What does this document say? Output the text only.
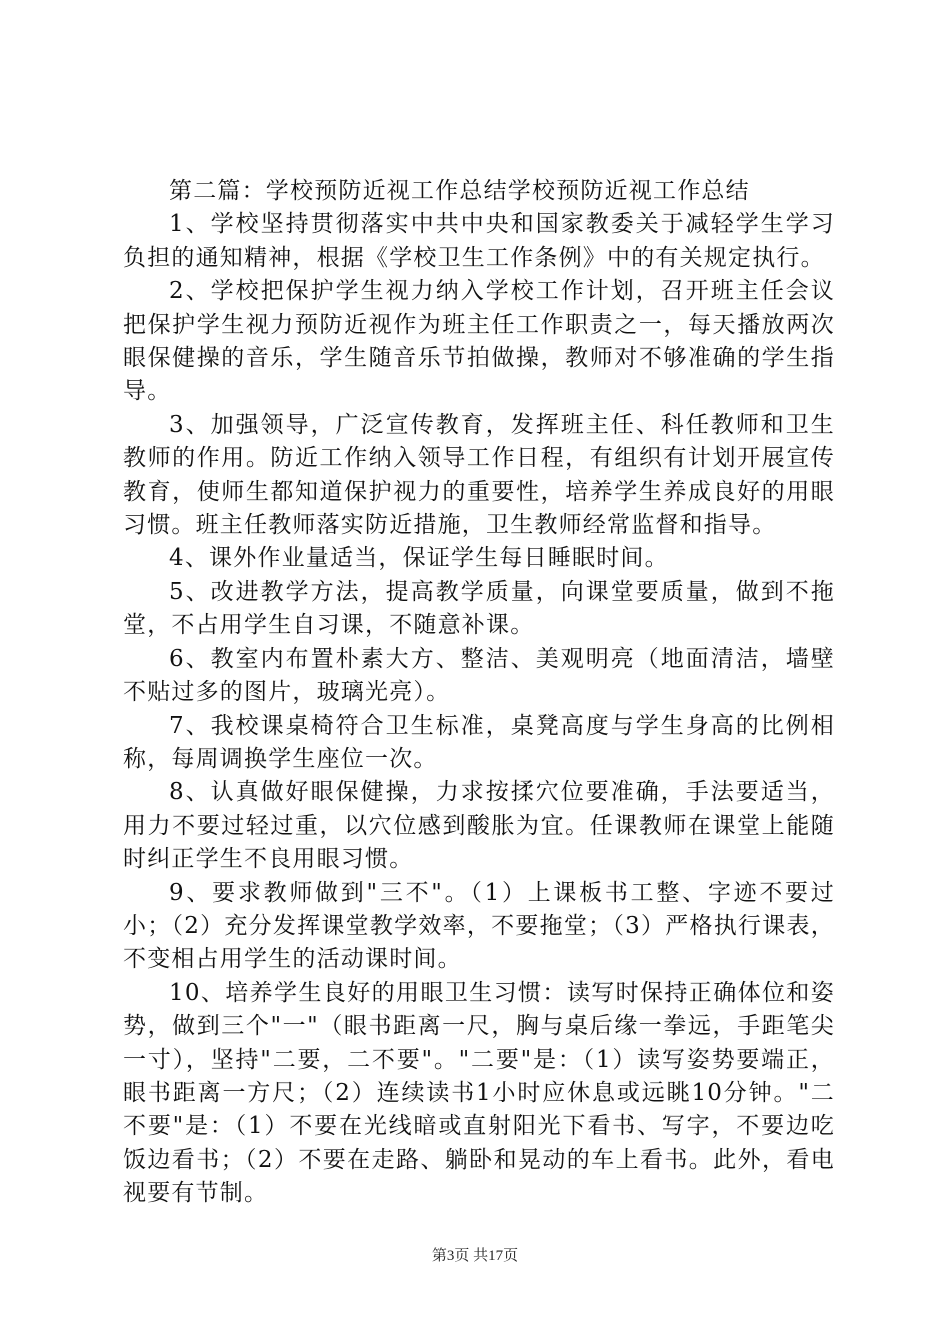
第二篇：学校预防近视工作总结学校预防近视工作总结

1、学校坚持贯彻落实中共中央和国家教委关于减轻学生学习负担的通知精神，根据《学校卫生工作条例》中的有关规定执行。

2、学校把保护学生视力纳入学校工作计划，召开班主任会议把保护学生视力预防近视作为班主任工作职责之一，每天播放两次眼保健操的音乐，学生随音乐节拍做操，教师对不够准确的学生指导。

3、加强领导，广泛宣传教育，发挥班主任、科任教师和卫生教师的作用。防近工作纳入领导工作日程，有组织有计划开展宣传教育，使师生都知道保护视力的重要性，培养学生养成良好的用眼习惯。班主任教师落实防近措施，卫生教师经常监督和指导。

4、课外作业量适当，保证学生每日睡眠时间。

5、改进教学方法，提高教学质量，向课堂要质量，做到不拖堂，不占用学生自习课，不随意补课。

6、教室内布置朴素大方、整洁、美观明亮（地面清洁，墙壁不贴过多的图片，玻璃光亮）。

7、我校课桌椅符合卫生标准，桌凳高度与学生身高的比例相称，每周调换学生座位一次。

8、认真做好眼保健操，力求按揉穴位要准确，手法要适当，用力不要过轻过重，以穴位感到酸胀为宜。任课教师在课堂上能随时纠正学生不良用眼习惯。

9、要求教师做到"三不"。（1）上课板书工整、字迹不要过小；（2）充分发挥课堂教学效率，不要拖堂；（3）严格执行课表，不变相占用学生的活动课时间。

10、培养学生良好的用眼卫生习惯：读写时保持正确体位和姿势，做到三个"一"（眼书距离一尺，胸与桌后缘一拳远，手距笔尖一寸），坚持"二要，二不要"。"二要"是：（1）读写姿势要端正，眼书距离一方尺；（2）连续读书1小时应休息或远眺10分钟。"二不要"是：（1）不要在光线暗或直射阳光下看书、写字，不要边吃饭边看书；（2）不要在走路、躺卧和晃动的车上看书。此外，看电视要有节制。

第3页 共17页
